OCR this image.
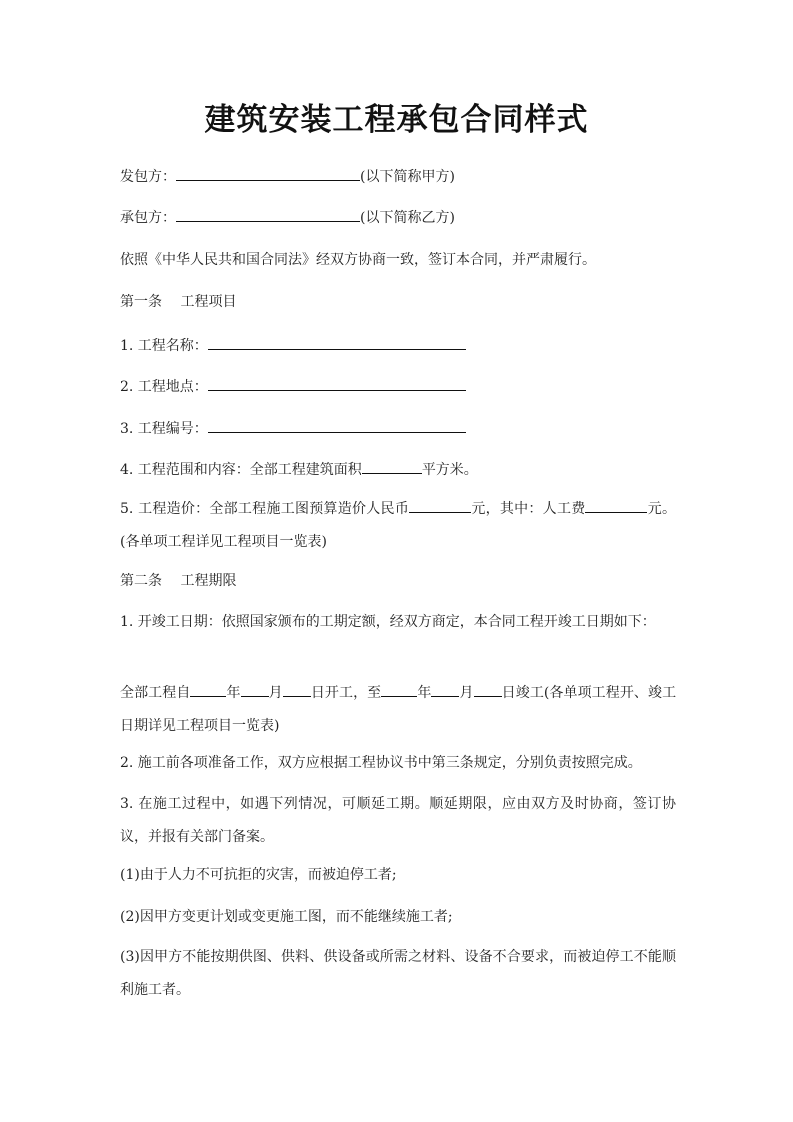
建筑安装工程承包合同样式
发包方：	(以下简称甲方)
承包方：	(以下简称乙方)
依照《中华人民共和国合同法》经双方协商一致，签订本合同，并严肃履行。
第一条　 工程项目
1. 工程名称：
2. 工程地点：
3. 工程编号：
4. 工程范围和内容：全部工程建筑面积	平方米。
5. 工程造价：全部工程施工图预算造价人民币	元，其中：人工费	元。(各单项工程详见工程项目一览表)
第二条　 工程期限
1. 开竣工日期：依照国家颁布的工期定额，经双方商定，本合同工程开竣工日期如下：
全部工程自	年 月 日开工，至	年 月 日竣工(各单项工程开、竣工日期详见工程项目一览表)
2. 施工前各项准备工作，双方应根据工程协议书中第三条规定，分别负责按照完成。
3. 在施工过程中，如遇下列情况，可顺延工期。顺延期限，应由双方及时协商，签订协议，并报有关部门备案。
(1)由于人力不可抗拒的灾害，而被迫停工者;
(2)因甲方变更计划或变更施工图，而不能继续施工者;
(3)因甲方不能按期供图、供料、供设备或所需之材料、设备不合要求，而被迫停工不能顺利施工者。
